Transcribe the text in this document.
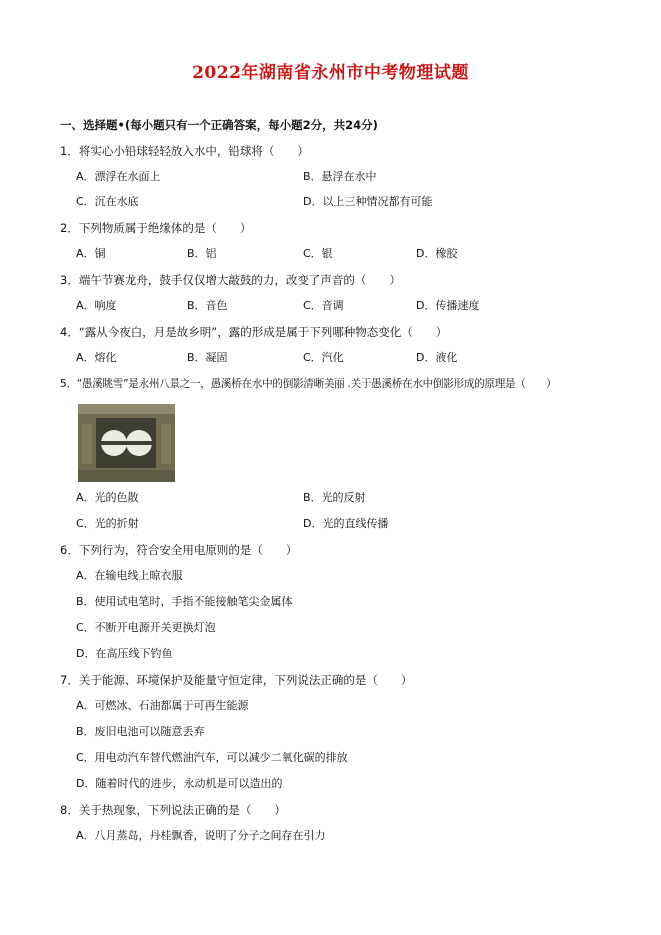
2022年湖南省永州市中考物理试题
一、选择题•(每小题只有一个正确答案，每小题2分，共24分)
1．将实心小铅球轻轻放入水中，铅球将（　　）
A．漂浮在水面上	B．悬浮在水中
C．沉在水底	D．以上三种情况都有可能
2．下列物质属于绝缘体的是（　　）
A．铜	B．铝	C．银	D．橡胶
3．端午节赛龙舟，鼓手仅仅增大敲鼓的力，改变了声音的（　　）
A．响度	B．音色	C．音调	D．传播速度
4．“露从今夜白，月是故乡明”，露的形成是属于下列哪种物态变化（　　）
A．熔化	B．凝固	C．汽化	D．液化
5．“愚溪眺雪”是永州八景之一，愚溪桥在水中的倒影清晰美丽 .关于愚溪桥在水中倒影形成的原理是（　　）
A．光的色散	B．光的反射
C．光的折射	D．光的直线传播
6．下列行为，符合安全用电原则的是（　　）
A．在输电线上晾衣服
B．使用试电笔时，手指不能接触笔尖金属体
C．不断开电源开关更换灯泡
D．在高压线下钓鱼
7．关于能源、环境保护及能量守恒定律，下列说法正确的是（　　）
A．可燃冰、石油都属于可再生能源
B．废旧电池可以随意丢弃
C．用电动汽车替代燃油汽车，可以减少二氧化碳的排放
D．随着时代的进步，永动机是可以造出的
8．关于热现象，下列说法正确的是（　　）
A．八月蒸岛，丹桂飘香，说明了分子之间存在引力
